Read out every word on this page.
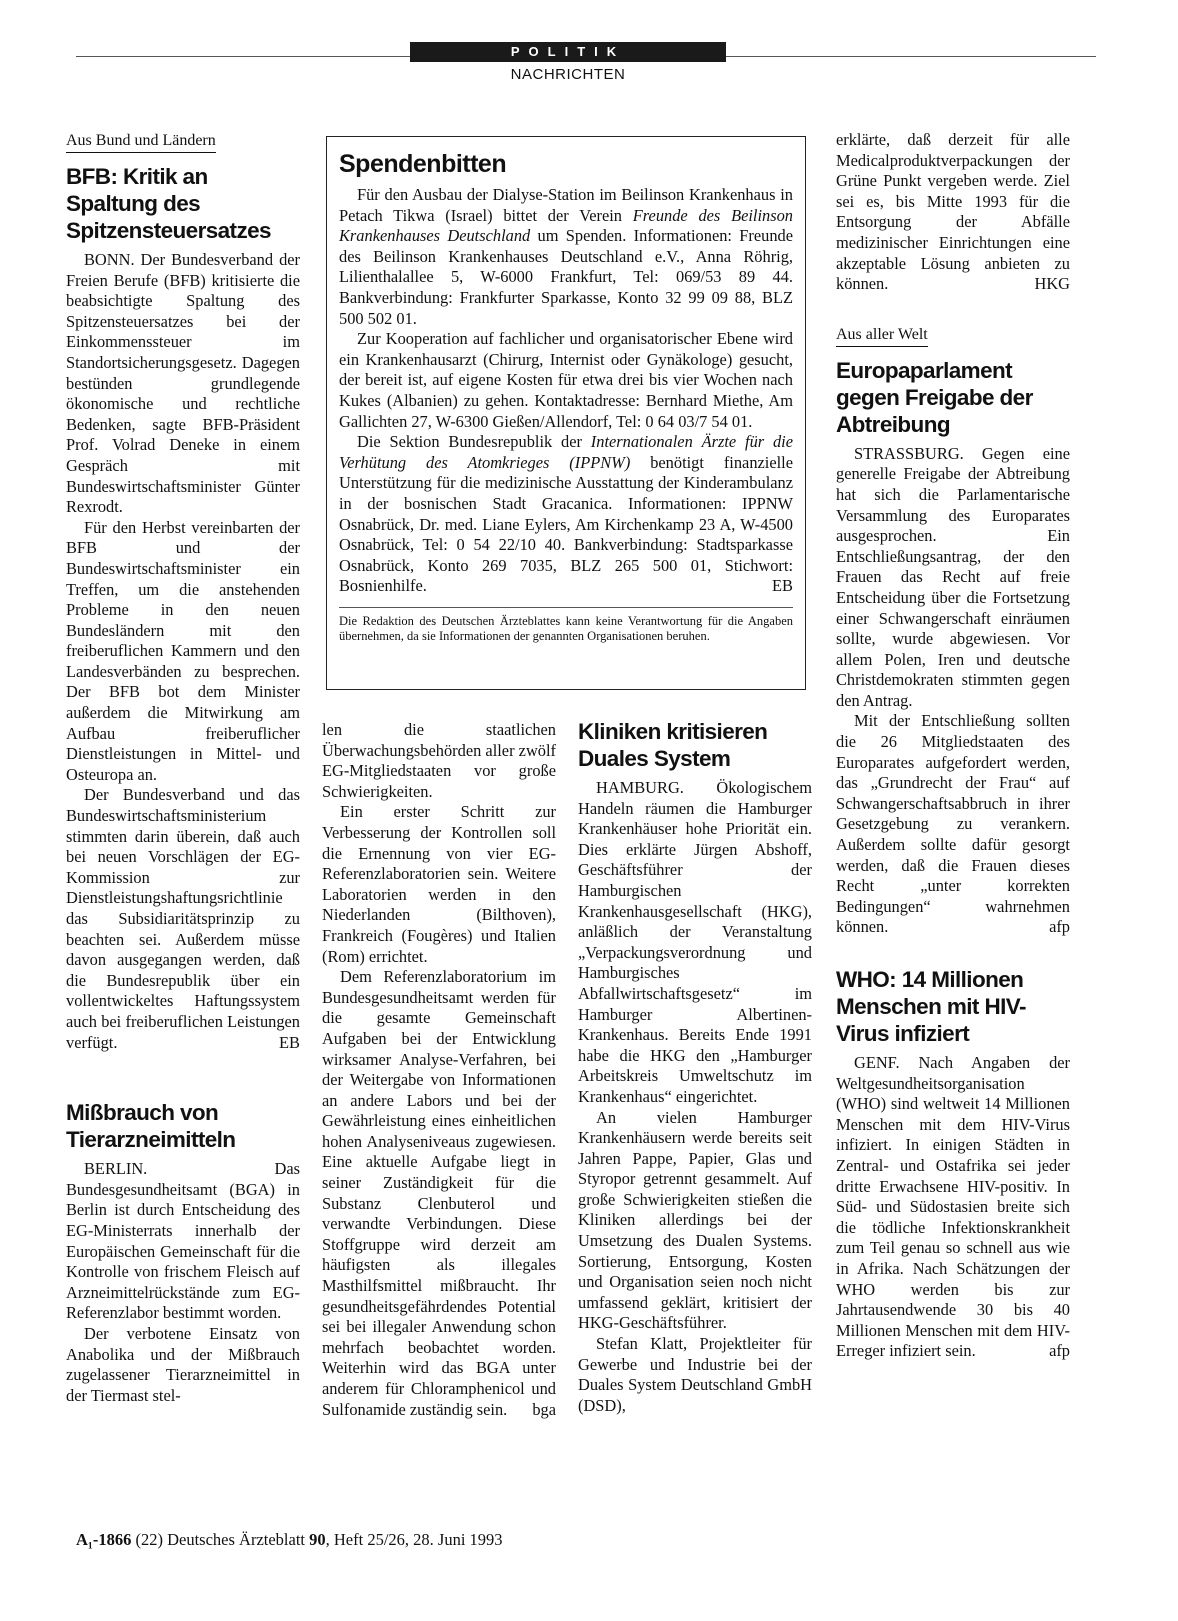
POLITIK
NACHRICHTEN
Aus Bund und Ländern
BFB: Kritik an Spaltung des Spitzensteuersatzes

BONN. Der Bundesverband der Freien Berufe (BFB) kritisierte die beabsichtigte Spaltung des Spitzensteuersatzes bei der Einkommenssteuer im Standortsicherungsgesetz. Dagegen bestünden grundlegende ökonomische und rechtliche Bedenken, sagte BFB-Präsident Prof. Volrad Deneke in einem Gespräch mit Bundeswirtschaftsminister Günter Rexrodt.

Für den Herbst vereinbarten der BFB und der Bundeswirtschaftsminister ein Treffen, um die anstehenden Probleme in den neuen Bundesländern mit den freiberuflichen Kammern und den Landesverbänden zu besprechen. Der BFB bot dem Minister außerdem die Mitwirkung am Aufbau freiberuflicher Dienstleistungen in Mittel- und Osteuropa an.

Der Bundesverband und das Bundeswirtschaftsministerium stimmten darin überein, daß auch bei neuen Vorschlägen der EG-Kommission zur Dienstleistungshaftungsrichtlinie das Subsidiaritätsprinzip zu beachten sei. Außerdem müsse davon ausgegangen werden, daß die Bundesrepublik über ein vollentwickeltes Haftungssystem auch bei freiberuflichen Leistungen verfügt.	EB

Mißbrauch von Tierarzneimitteln

BERLIN. Das Bundesgesundheitsamt (BGA) in Berlin ist durch Entscheidung des EG-Ministerrats innerhalb der Europäischen Gemeinschaft für die Kontrolle von frischem Fleisch auf Arzneimittelrückstände zum EG-Referenzlabor bestimmt worden.

Der verbotene Einsatz von Anabolika und der Mißbrauch zugelassener Tierarzneimittel in der Tiermast stel-

Spendenbitten

Für den Ausbau der Dialyse-Station im Beilinson Krankenhaus in Petach Tikwa (Israel) bittet der Verein Freunde des Beilinson Krankenhauses Deutschland um Spenden. Informationen: Freunde des Beilinson Krankenhauses Deutschland e.V., Anna Röhrig, Lilienthalallee 5, W-6000 Frankfurt, Tel: 069/53 89 44. Bankverbindung: Frankfurter Sparkasse, Konto 32 99 09 88, BLZ 500 502 01.

Zur Kooperation auf fachlicher und organisatorischer Ebene wird ein Krankenhausarzt (Chirurg, Internist oder Gynäkologe) gesucht, der bereit ist, auf eigene Kosten für etwa drei bis vier Wochen nach Kukes (Albanien) zu gehen. Kontaktadresse: Bernhard Miethe, Am Gallichten 27, W-6300 Gießen/Allendorf, Tel: 0 64 03/7 54 01.

Die Sektion Bundesrepublik der Internationalen Ärzte für die Verhütung des Atomkrieges (IPPNW) benötigt finanzielle Unterstützung für die medizinische Ausstattung der Kinderambulanz in der bosnischen Stadt Gracanica. Informationen: IPPNW Osnabrück, Dr. med. Liane Eylers, Am Kirchenkamp 23 A, W-4500 Osnabrück, Tel: 0 54 22/10 40. Bankverbindung: Stadtsparkasse Osnabrück, Konto 269 7035, BLZ 265 500 01, Stichwort: Bosnienhilfe.	EB

Die Redaktion des Deutschen Ärzteblattes kann keine Verantwortung für die Angaben übernehmen, da sie Informationen der genannten Organisationen beruhen.

len die staatlichen Überwachungsbehörden aller zwölf EG-Mitgliedstaaten vor große Schwierigkeiten.

Ein erster Schritt zur Verbesserung der Kontrollen soll die Ernennung von vier EG-Referenzlaboratorien sein. Weitere Laboratorien werden in den Niederlanden (Bilthoven), Frankreich (Fougères) und Italien (Rom) errichtet.

Dem Referenzlaboratorium im Bundesgesundheitsamt werden für die gesamte Gemeinschaft Aufgaben bei der Entwicklung wirksamer Analyse-Verfahren, bei der Weitergabe von Informationen an andere Labors und bei der Gewährleistung eines einheitlichen hohen Analyseniveaus zugewiesen. Eine aktuelle Aufgabe liegt in seiner Zuständigkeit für die Substanz Clenbuterol und verwandte Verbindungen. Diese Stoffgruppe wird derzeit am häufigsten als illegales Masthilfsmittel mißbraucht. Ihr gesundheitsgefährdendes Potential sei bei illegaler Anwendung schon mehrfach beobachtet worden. Weiterhin wird das BGA unter anderem für Chloramphenicol und Sulfonamide zuständig sein.	bga

Kliniken kritisieren Duales System

HAMBURG. Ökologischem Handeln räumen die Hamburger Krankenhäuser hohe Priorität ein. Dies erklärte Jürgen Abshoff, Geschäftsführer der Hamburgischen Krankenhausgesellschaft (HKG), anläßlich der Veranstaltung „Verpackungsverordnung und Hamburgisches Abfallwirtschaftsgesetz“ im Hamburger Albertinen-Krankenhaus. Bereits Ende 1991 habe die HKG den „Hamburger Arbeitskreis Umweltschutz im Krankenhaus“ eingerichtet.

An vielen Hamburger Krankenhäusern werde bereits seit Jahren Pappe, Papier, Glas und Styropor getrennt gesammelt. Auf große Schwierigkeiten stießen die Kliniken allerdings bei der Umsetzung des Dualen Systems. Sortierung, Entsorgung, Kosten und Organisation seien noch nicht umfassend geklärt, kritisiert der HKG-Geschäftsführer.

Stefan Klatt, Projektleiter für Gewerbe und Industrie bei der Duales System Deutschland GmbH (DSD),

erklärte, daß derzeit für alle Medicalproduktverpackungen der Grüne Punkt vergeben werde. Ziel sei es, bis Mitte 1993 für die Entsorgung der Abfälle medizinischer Einrichtungen eine akzeptable Lösung anbieten zu können.	HKG

Aus aller Welt
Europaparlament gegen Freigabe der Abtreibung

STRASSBURG. Gegen eine generelle Freigabe der Abtreibung hat sich die Parlamentarische Versammlung des Europarates ausgesprochen. Ein Entschließungsantrag, der den Frauen das Recht auf freie Entscheidung über die Fortsetzung einer Schwangerschaft einräumen sollte, wurde abgewiesen. Vor allem Polen, Iren und deutsche Christdemokraten stimmten gegen den Antrag.

Mit der Entschließung sollten die 26 Mitgliedstaaten des Europarates aufgefordert werden, das „Grundrecht der Frau“ auf Schwangerschaftsabbruch in ihrer Gesetzgebung zu verankern. Außerdem sollte dafür gesorgt werden, daß die Frauen dieses Recht „unter korrekten Bedingungen“ wahrnehmen können.	afp

WHO: 14 Millionen Menschen mit HIV-Virus infiziert

GENF. Nach Angaben der Weltgesundheitsorganisation (WHO) sind weltweit 14 Millionen Menschen mit dem HIV-Virus infiziert. In einigen Städten in Zentral- und Ostafrika sei jeder dritte Erwachsene HIV-positiv. In Süd- und Südostasien breite sich die tödliche Infektionskrankheit zum Teil genau so schnell aus wie in Afrika. Nach Schätzungen der WHO werden bis zur Jahrtausendwende 30 bis 40 Millionen Menschen mit dem HIV-Erreger infiziert sein.	afp

A₁-1866 (22) Deutsches Ärzteblatt 90, Heft 25/26, 28. Juni 1993
